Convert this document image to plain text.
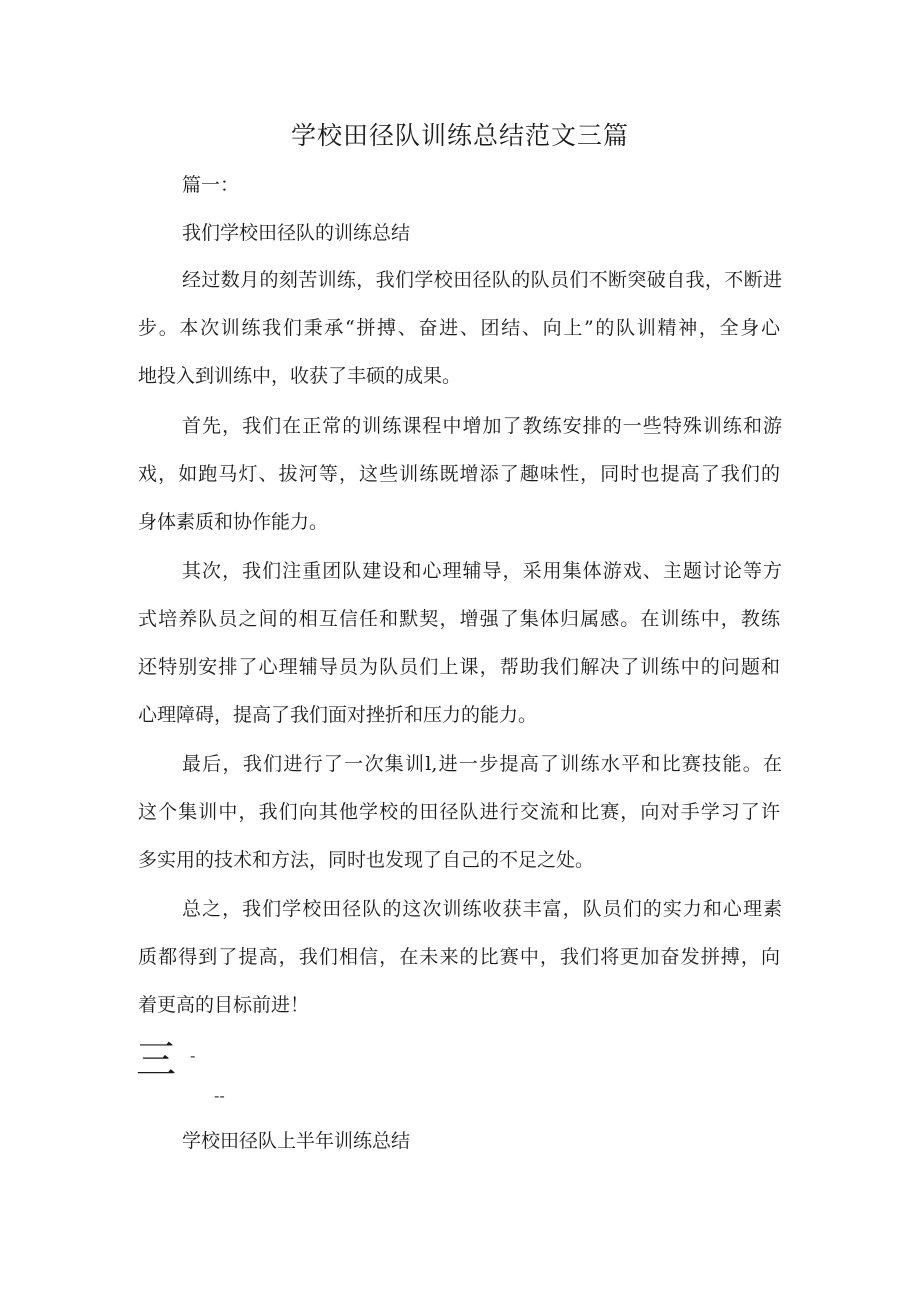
学校田径队训练总结范文三篇
篇一：
我们学校田径队的训练总结
经过数月的刻苦训练，我们学校田径队的队员们不断突破自我，不断进
步。本次训练我们秉承“拼搏、奋进、团结、向上”的队训精神，全身心
地投入到训练中，收获了丰硕的成果。
首先，我们在正常的训练课程中增加了教练安排的一些特殊训练和游
戏，如跑马灯、拔河等，这些训练既增添了趣味性，同时也提高了我们的
身体素质和协作能力。
其次，我们注重团队建设和心理辅导，采用集体游戏、主题讨论等方
式培养队员之间的相互信任和默契，增强了集体归属感。在训练中，教练
还特别安排了心理辅导员为队员们上课，帮助我们解决了训练中的问题和
心理障碍，提高了我们面对挫折和压力的能力。
最后，我们进行了一次集训l,进一步提高了训练水平和比赛技能。在
这个集训中，我们向其他学校的田径队进行交流和比赛，向对手学习了许
多实用的技术和方法，同时也发现了自己的不足之处。
总之，我们学校田径队的这次训练收获丰富，队员们的实力和心理素
质都得到了提高，我们相信，在未来的比赛中，我们将更加奋发拼搏，向
着更高的目标前进！
三 -
--
学校田径队上半年训练总结
